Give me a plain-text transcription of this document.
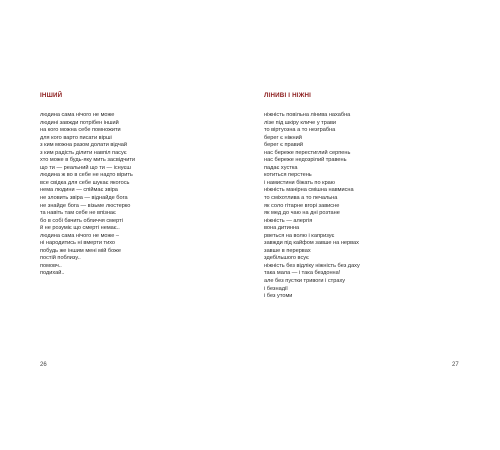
ІНШИЙ
людина сама нічого не може
людині завжди потрібен інший
на кого можна себе помножити
для кого варто писати вірші
з ким можна разом долати відчай
з ким радість ділити навпіл пасує
хто може в будь-яку мить засвідчити
що ти — реальний що ти — існуєш
людина ж во в себе не надто вірить
все свідка для себе шукає якогось
нема людини — спіймає звіра
не зловить звіра — віднайде бога
не знайде бога — візьме люстерко
та навіть там себе не впізнає
бо в собі бачить обличчя смерті
й не розуміє що смерті немає..
людина сама нічого не може –
ні народитись ні вмерти тихо
побудь же іншим мені мій боже
постій поблизу..
помовч..
подихай..
26
ЛІНИВІ І НІЖНІ
ніжність повільна лінива нахабна
лізе під шкіру кличе у трави
то віртуозна а то незграбна
берег є ніжний
берег є правий
нас береже перестиглий серпень
нас береже недозрілий травень
падає хустка
котиться перстень
і намистини біжать по краю
ніжність манірна смішна навмисна
то сміхотлива а то печальна
як соло гітарне вгорі зависне
як мед до чаю на дні розтане
ніжність — алергія
вона дитинна
рветься на волю і капризує
завжди під кайфом завше на нервах
завше в перервах
здебільшого всує
ніжність без відліку ніжність без даху
така мала — і така бездонна!
але без пустки тривоги і страху
і безнадії
і без утоми
27
